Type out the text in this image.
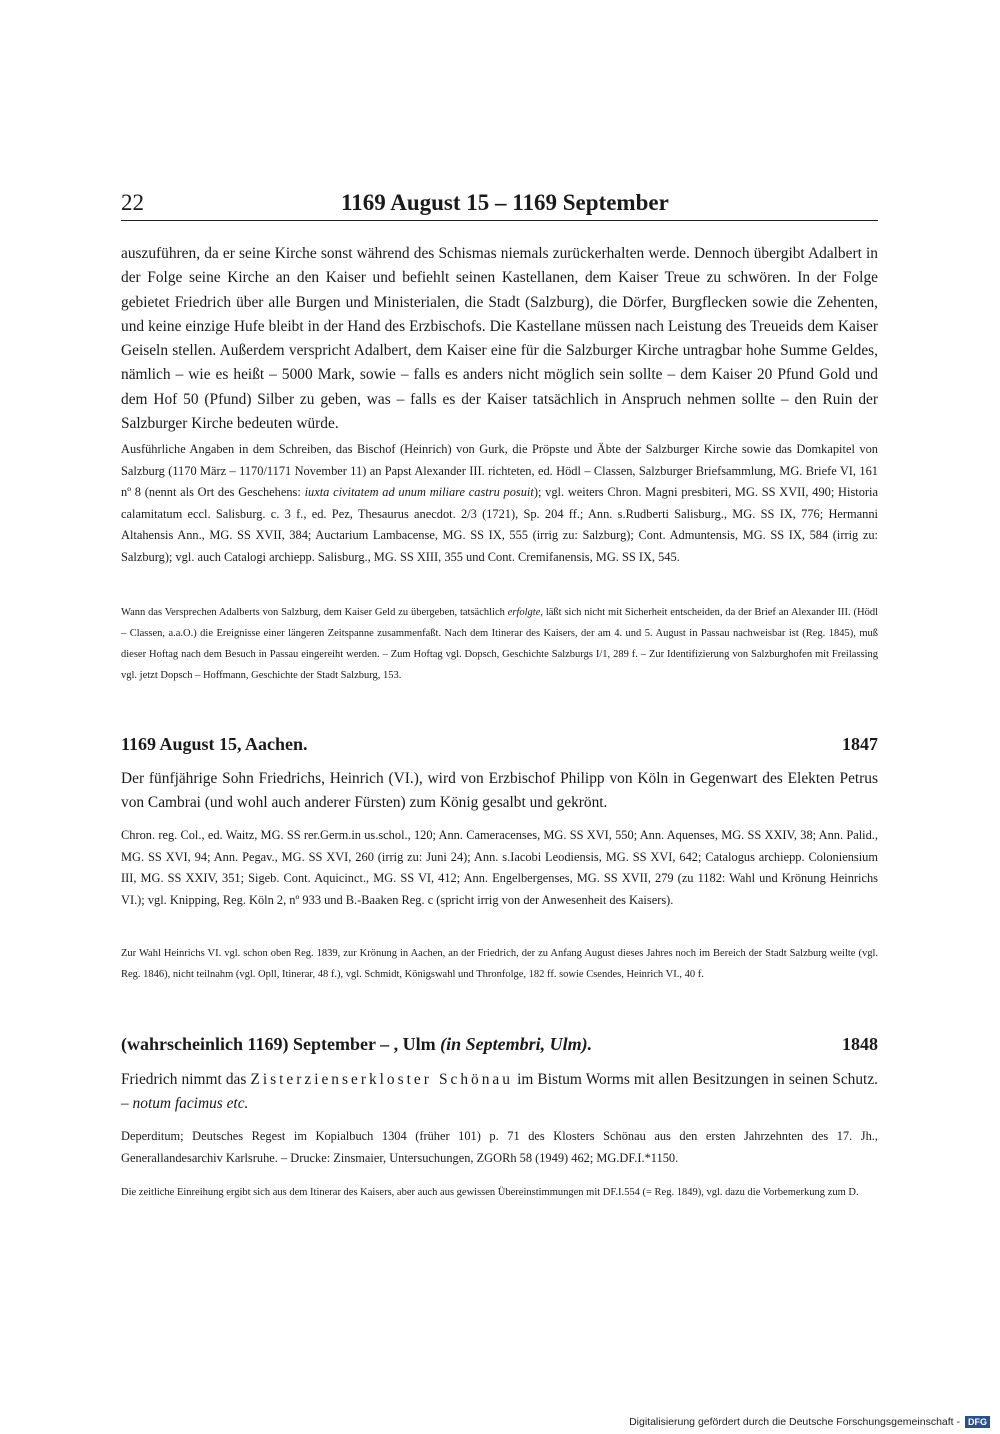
22	1169 August 15 – 1169 September

auszuführen, da er seine Kirche sonst während des Schismas niemals zurückerhalten werde. Dennoch übergibt Adalbert in der Folge seine Kirche an den Kaiser und befiehlt seinen Kastellanen, dem Kaiser Treue zu schwören. In der Folge gebietet Friedrich über alle Burgen und Ministerialen, die Stadt (Salzburg), die Dörfer, Burgflecken sowie die Zehenten, und keine einzige Hufe bleibt in der Hand des Erzbischofs. Die Kastellane müssen nach Leistung des Treueids dem Kaiser Geiseln stellen. Außerdem verspricht Adalbert, dem Kaiser eine für die Salzburger Kirche untragbar hohe Summe Geldes, nämlich – wie es heißt – 5000 Mark, sowie – falls es anders nicht möglich sein sollte – dem Kaiser 20 Pfund Gold und dem Hof 50 (Pfund) Silber zu geben, was – falls es der Kaiser tatsächlich in Anspruch nehmen sollte – den Ruin der Salzburger Kirche bedeuten würde.

Ausführliche Angaben in dem Schreiben, das Bischof (Heinrich) von Gurk, die Pröpste und Äbte der Salzburger Kirche sowie das Domkapitel von Salzburg (1170 März – 1170/1171 November 11) an Papst Alexander III. richteten, ed. Hödl – Classen, Salzburger Briefsammlung, MG. Briefe VI, 161 nº 8 (nennt als Ort des Geschehens: iuxta civitatem ad unum miliare castru posuit); vgl. weiters Chron. Magni presbiteri, MG. SS XVII, 490; Historia calamitatum eccl. Salisburg. c. 3 f., ed. Pez, Thesaurus anecdot. 2/3 (1721), Sp. 204 ff.; Ann. s.Rudberti Salisburg., MG. SS IX, 776; Hermanni Altahensis Ann., MG. SS XVII, 384; Auctarium Lambacense, MG. SS IX, 555 (irrig zu: Salzburg); Cont. Admuntensis, MG. SS IX, 584 (irrig zu: Salzburg); vgl. auch Catalogi archiepp. Salisburg., MG. SS XIII, 355 und Cont. Cremifanensis, MG. SS IX, 545.

Wann das Versprechen Adalberts von Salzburg, dem Kaiser Geld zu übergeben, tatsächlich erfolgte, läßt sich nicht mit Sicherheit entscheiden, da der Brief an Alexander III. (Hödl – Classen, a.a.O.) die Ereignisse einer längeren Zeitspanne zusammenfaßt. Nach dem Itinerar des Kaisers, der am 4. und 5. August in Passau nachweisbar ist (Reg. 1845), muß dieser Hoftag nach dem Besuch in Passau eingereiht werden. – Zum Hoftag vgl. Dopsch, Geschichte Salzburgs I/1, 289 f. – Zur Identifizierung von Salzburghofen mit Freilassing vgl. jetzt Dopsch – Hoffmann, Geschichte der Stadt Salzburg, 153.

1169 August 15, Aachen.	1847

Der fünfjährige Sohn Friedrichs, Heinrich (VI.), wird von Erzbischof Philipp von Köln in Gegenwart des Elekten Petrus von Cambrai (und wohl auch anderer Fürsten) zum König gesalbt und gekrönt.

Chron. reg. Col., ed. Waitz, MG. SS rer.Germ.in us.schol., 120; Ann. Cameracenses, MG. SS XVI, 550; Ann. Aquenses, MG. SS XXIV, 38; Ann. Palid., MG. SS XVI, 94; Ann. Pegav., MG. SS XVI, 260 (irrig zu: Juni 24); Ann. s.Iacobi Leodiensis, MG. SS XVI, 642; Catalogus archiepp. Coloniensium III, MG. SS XXIV, 351; Sigeb. Cont. Aquicinct., MG. SS VI, 412; Ann. Engelbergenses, MG. SS XVII, 279 (zu 1182: Wahl und Krönung Heinrichs VI.); vgl. Knipping, Reg. Köln 2, nº 933 und B.-Baaken Reg. c (spricht irrig von der Anwesenheit des Kaisers).

Zur Wahl Heinrichs VI. vgl. schon oben Reg. 1839, zur Krönung in Aachen, an der Friedrich, der zu Anfang August dieses Jahres noch im Bereich der Stadt Salzburg weilte (vgl. Reg. 1846), nicht teilnahm (vgl. Opll, Itinerar, 48 f.), vgl. Schmidt, Königswahl und Thronfolge, 182 ff. sowie Csendes, Heinrich VI., 40 f.

(wahrscheinlich 1169) September – , Ulm (in Septembri, Ulm).	1848

Friedrich nimmt das Zisterzienserkloster Schönau im Bistum Worms mit allen Besitzungen in seinen Schutz. – notum facimus etc.

Deperditum; Deutsches Regest im Kopialbuch 1304 (früher 101) p. 71 des Klosters Schönau aus den ersten Jahrzehnten des 17. Jh., Generallandesarchiv Karlsruhe. – Drucke: Zinsmaier, Untersuchungen, ZGORh 58 (1949) 462; MG.DF.I.*1150.

Die zeitliche Einreihung ergibt sich aus dem Itinerar des Kaisers, aber auch aus gewissen Übereinstimmungen mit DF.I.554 (= Reg. 1849), vgl. dazu die Vorbemerkung zum D.

Digitalisierung gefördert durch die Deutsche Forschungsgemeinschaft - DFG
